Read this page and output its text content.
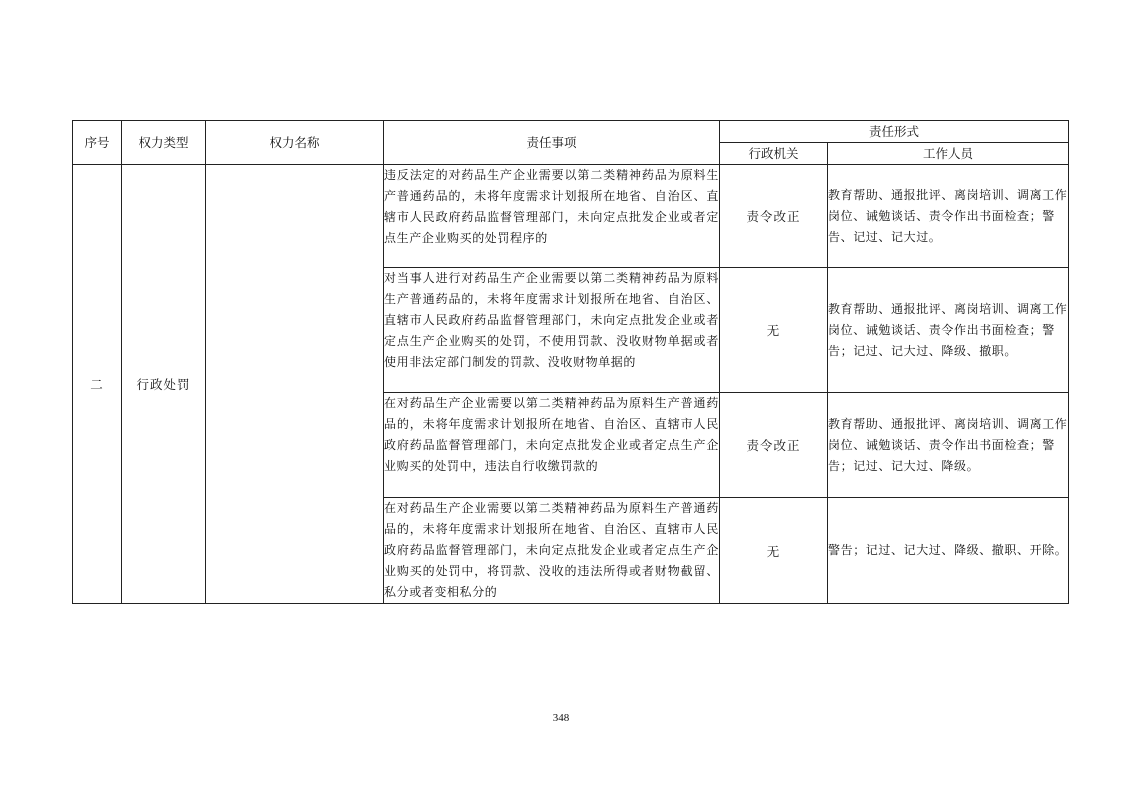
序号	权力类型	权力名称	责任事项	责任形式	
				行政机关	工作人员
二	行政处罚		违反法定的对药品生产企业需要以第二类精神药品为原料生产普通药品的，未将年度需求计划报所在地省、自治区、直辖市人民政府药品监督管理部门，未向定点批发企业或者定点生产企业购买的处罚程序的	责令改正	教育帮助、通报批评、离岗培训、调离工作岗位、诫勉谈话、责令作出书面检查；警告、记过、记大过。
			对当事人进行对药品生产企业需要以第二类精神药品为原料生产普通药品的，未将年度需求计划报所在地省、自治区、直辖市人民政府药品监督管理部门，未向定点批发企业或者定点生产企业购买的处罚，不使用罚款、没收财物单据或者使用非法定部门制发的罚款、没收财物单据的	无	教育帮助、通报批评、离岗培训、调离工作岗位、诫勉谈话、责令作出书面检查；警告；记过、记大过、降级、撤职。
			在对药品生产企业需要以第二类精神药品为原料生产普通药品的，未将年度需求计划报所在地省、自治区、直辖市人民政府药品监督管理部门，未向定点批发企业或者定点生产企业购买的处罚中，违法自行收缴罚款的	责令改正	教育帮助、通报批评、离岗培训、调离工作岗位、诫勉谈话、责令作出书面检查；警告；记过、记大过、降级。
			在对药品生产企业需要以第二类精神药品为原料生产普通药品的，未将年度需求计划报所在地省、自治区、直辖市人民政府药品监督管理部门，未向定点批发企业或者定点生产企业购买的处罚中，将罚款、没收的违法所得或者财物截留、私分或者变相私分的	无	警告；记过、记大过、降级、撤职、开除。
348
